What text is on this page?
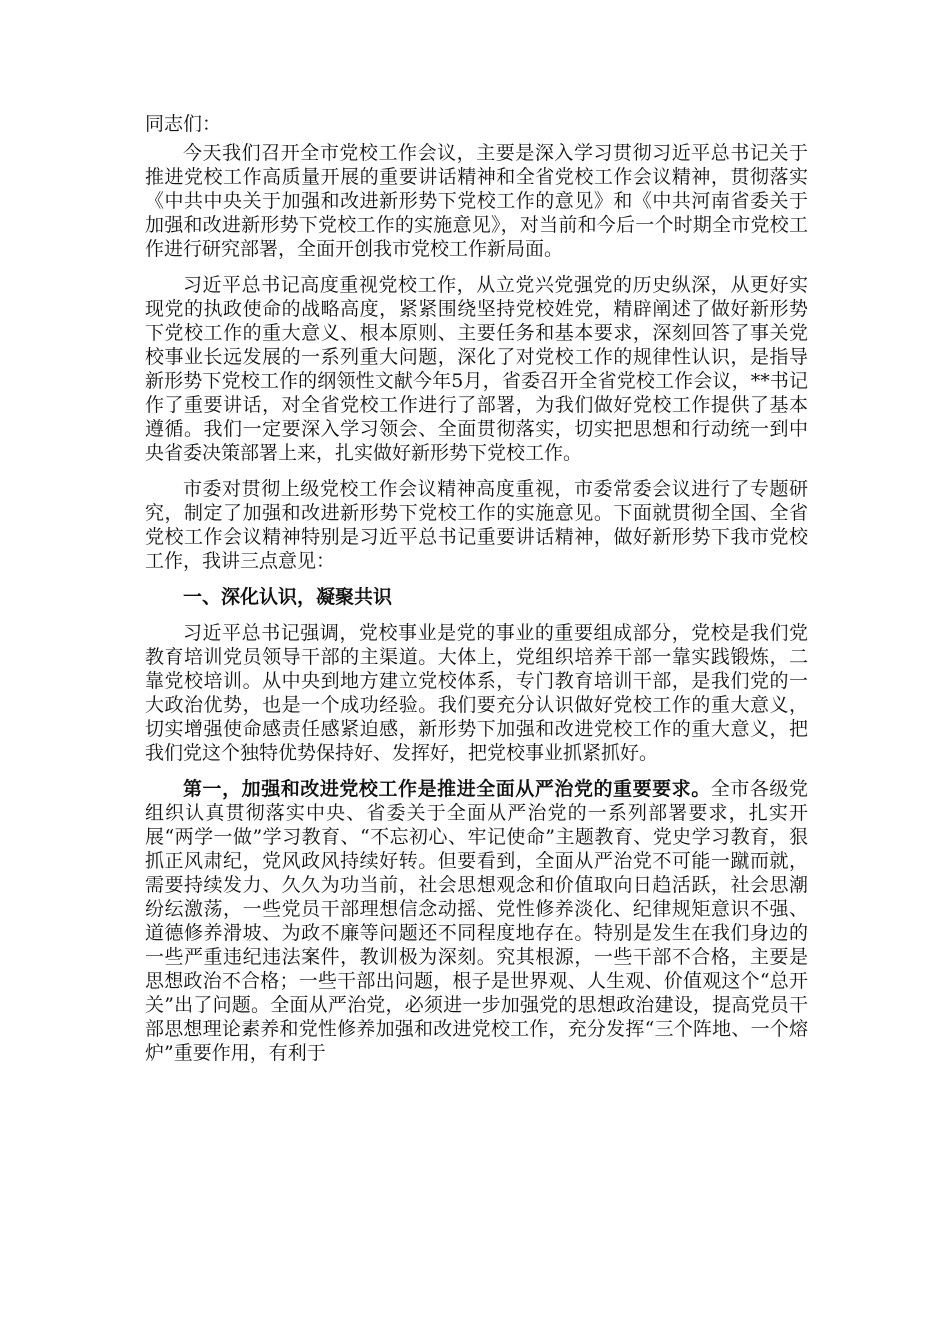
同志们：

今天我们召开全市党校工作会议，主要是深入学习贯彻习近平总书记关于推进党校工作高质量开展的重要讲话精神和全省党校工作会议精神，贯彻落实《中共中央关于加强和改进新形势下党校工作的意见》和《中共河南省委关于加强和改进新形势下党校工作的实施意见》，对当前和今后一个时期全市党校工作进行研究部署，全面开创我市党校工作新局面。

习近平总书记高度重视党校工作，从立党兴党强党的历史纵深，从更好实现党的执政使命的战略高度，紧紧围绕坚持党校姓党，精辟阐述了做好新形势下党校工作的重大意义、根本原则、主要任务和基本要求，深刻回答了事关党校事业长远发展的一系列重大问题，深化了对党校工作的规律性认识，是指导新形势下党校工作的纲领性文献今年5月，省委召开全省党校工作会议，**书记作了重要讲话，对全省党校工作进行了部署，为我们做好党校工作提供了基本遵循。我们一定要深入学习领会、全面贯彻落实，切实把思想和行动统一到中央省委决策部署上来，扎实做好新形势下党校工作。

市委对贯彻上级党校工作会议精神高度重视，市委常委会议进行了专题研究，制定了加强和改进新形势下党校工作的实施意见。下面就贯彻全国、全省党校工作会议精神特别是习近平总书记重要讲话精神，做好新形势下我市党校工作，我讲三点意见：

一、深化认识，凝聚共识

习近平总书记强调，党校事业是党的事业的重要组成部分，党校是我们党教育培训党员领导干部的主渠道。大体上，党组织培养干部一靠实践锻炼，二靠党校培训。从中央到地方建立党校体系，专门教育培训干部，是我们党的一大政治优势，也是一个成功经验。我们要充分认识做好党校工作的重大意义，切实增强使命感责任感紧迫感，新形势下加强和改进党校工作的重大意义，把我们党这个独特优势保持好、发挥好，把党校事业抓紧抓好。

第一，加强和改进党校工作是推进全面从严治党的重要要求。全市各级党组织认真贯彻落实中央、省委关于全面从严治党的一系列部署要求，扎实开展“两学一做”学习教育、“不忘初心、牢记使命”主题教育、党史学习教育，狠抓正风肃纪，党风政风持续好转。但要看到，全面从严治党不可能一蹴而就，需要持续发力、久久为功当前，社会思想观念和价值取向日趋活跃，社会思潮纷纭激荡，一些党员干部理想信念动摇、党性修养淡化、纪律规矩意识不强、道德修养滑坡、为政不廉等问题还不同程度地存在。特别是发生在我们身边的一些严重违纪违法案件，教训极为深刻。究其根源，一些干部不合格，主要是思想政治不合格；一些干部出问题，根子是世界观、人生观、价值观这个“总开关”出了问题。全面从严治党，必须进一步加强党的思想政治建设，提高党员干部思想理论素养和党性修养加强和改进党校工作，充分发挥“三个阵地、一个熔炉”重要作用，有利于
